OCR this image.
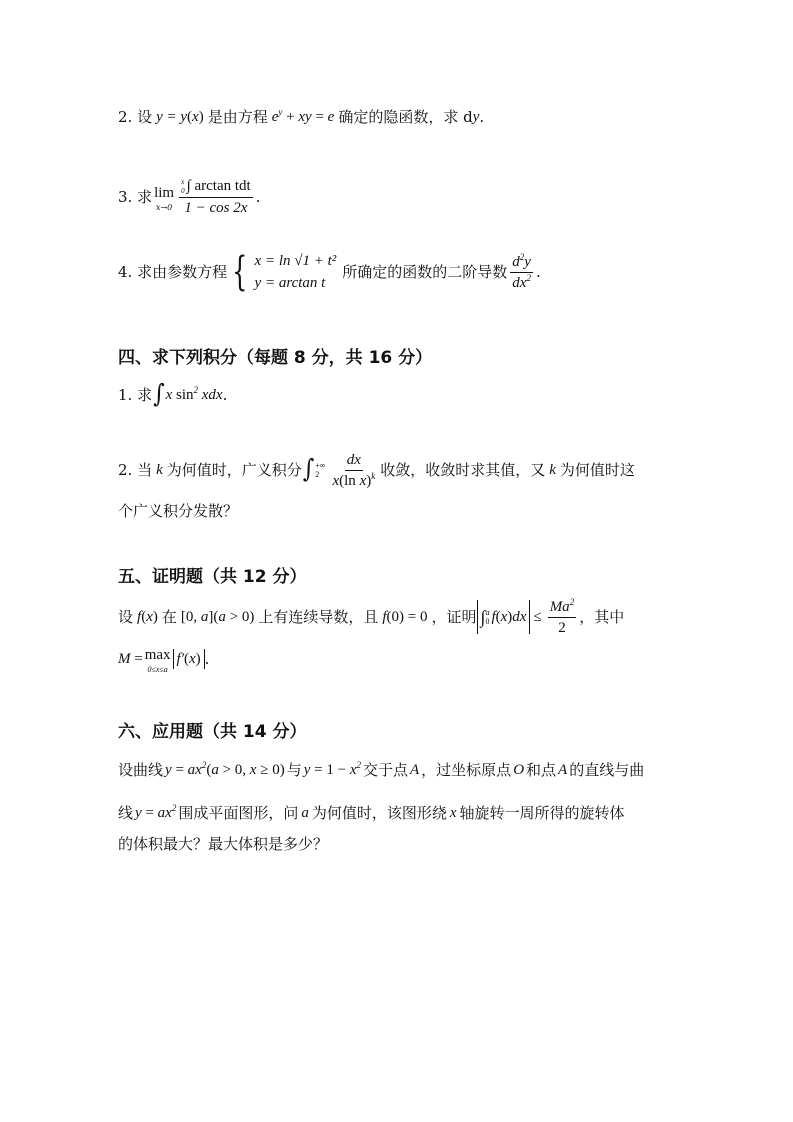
2. 设 y = y(x) 是由方程 $e^y$ + xy = e 确定的隐函数，求 d y .
3. 求 lim
x→0 x
0 ∫ arctan tdt
1 − cos 2x .
4. 求由参数方程 { x = ln √1 + t²
y = arctan t
所确定的函数的二阶导数 $\frac{d^2y}{dx^2}$ .
四、求下列积分（每题 8 分，共 16 分）
1. 求 ∫ x $\sin^2$ xdx .
2. 当 k 为何值时，广义积分 ∫ +∞
$2 \frac{dx}{x(\ln x)^k}$ 收敛，收敛时求其值，又 k 为何值时这
个广义积分发散？
五、证明题（共 12 分）
设 f(x) 在 [0, a](a > 0) 上有连续导数，且 f(0) = 0 ，证明 ∫ a
0 f ( x ) dx ≤ $\frac{Ma^2}{2}$ ，其中
M = max
0≤x≤a
f′(x) .
六、应用题（共 14 分）
设曲线 $y = ax^2(a > 0$, x ≥ 0) 与 $y = 1 - x^2$ 交于点 A ，过坐标原点 O 和点 A 的直线与曲
线 $y = ax^2$ 围成平面图形，问 a 为何值时，该图形绕 x 轴旋转一周所得的旋转体
的体积最大？最大体积是多少？
